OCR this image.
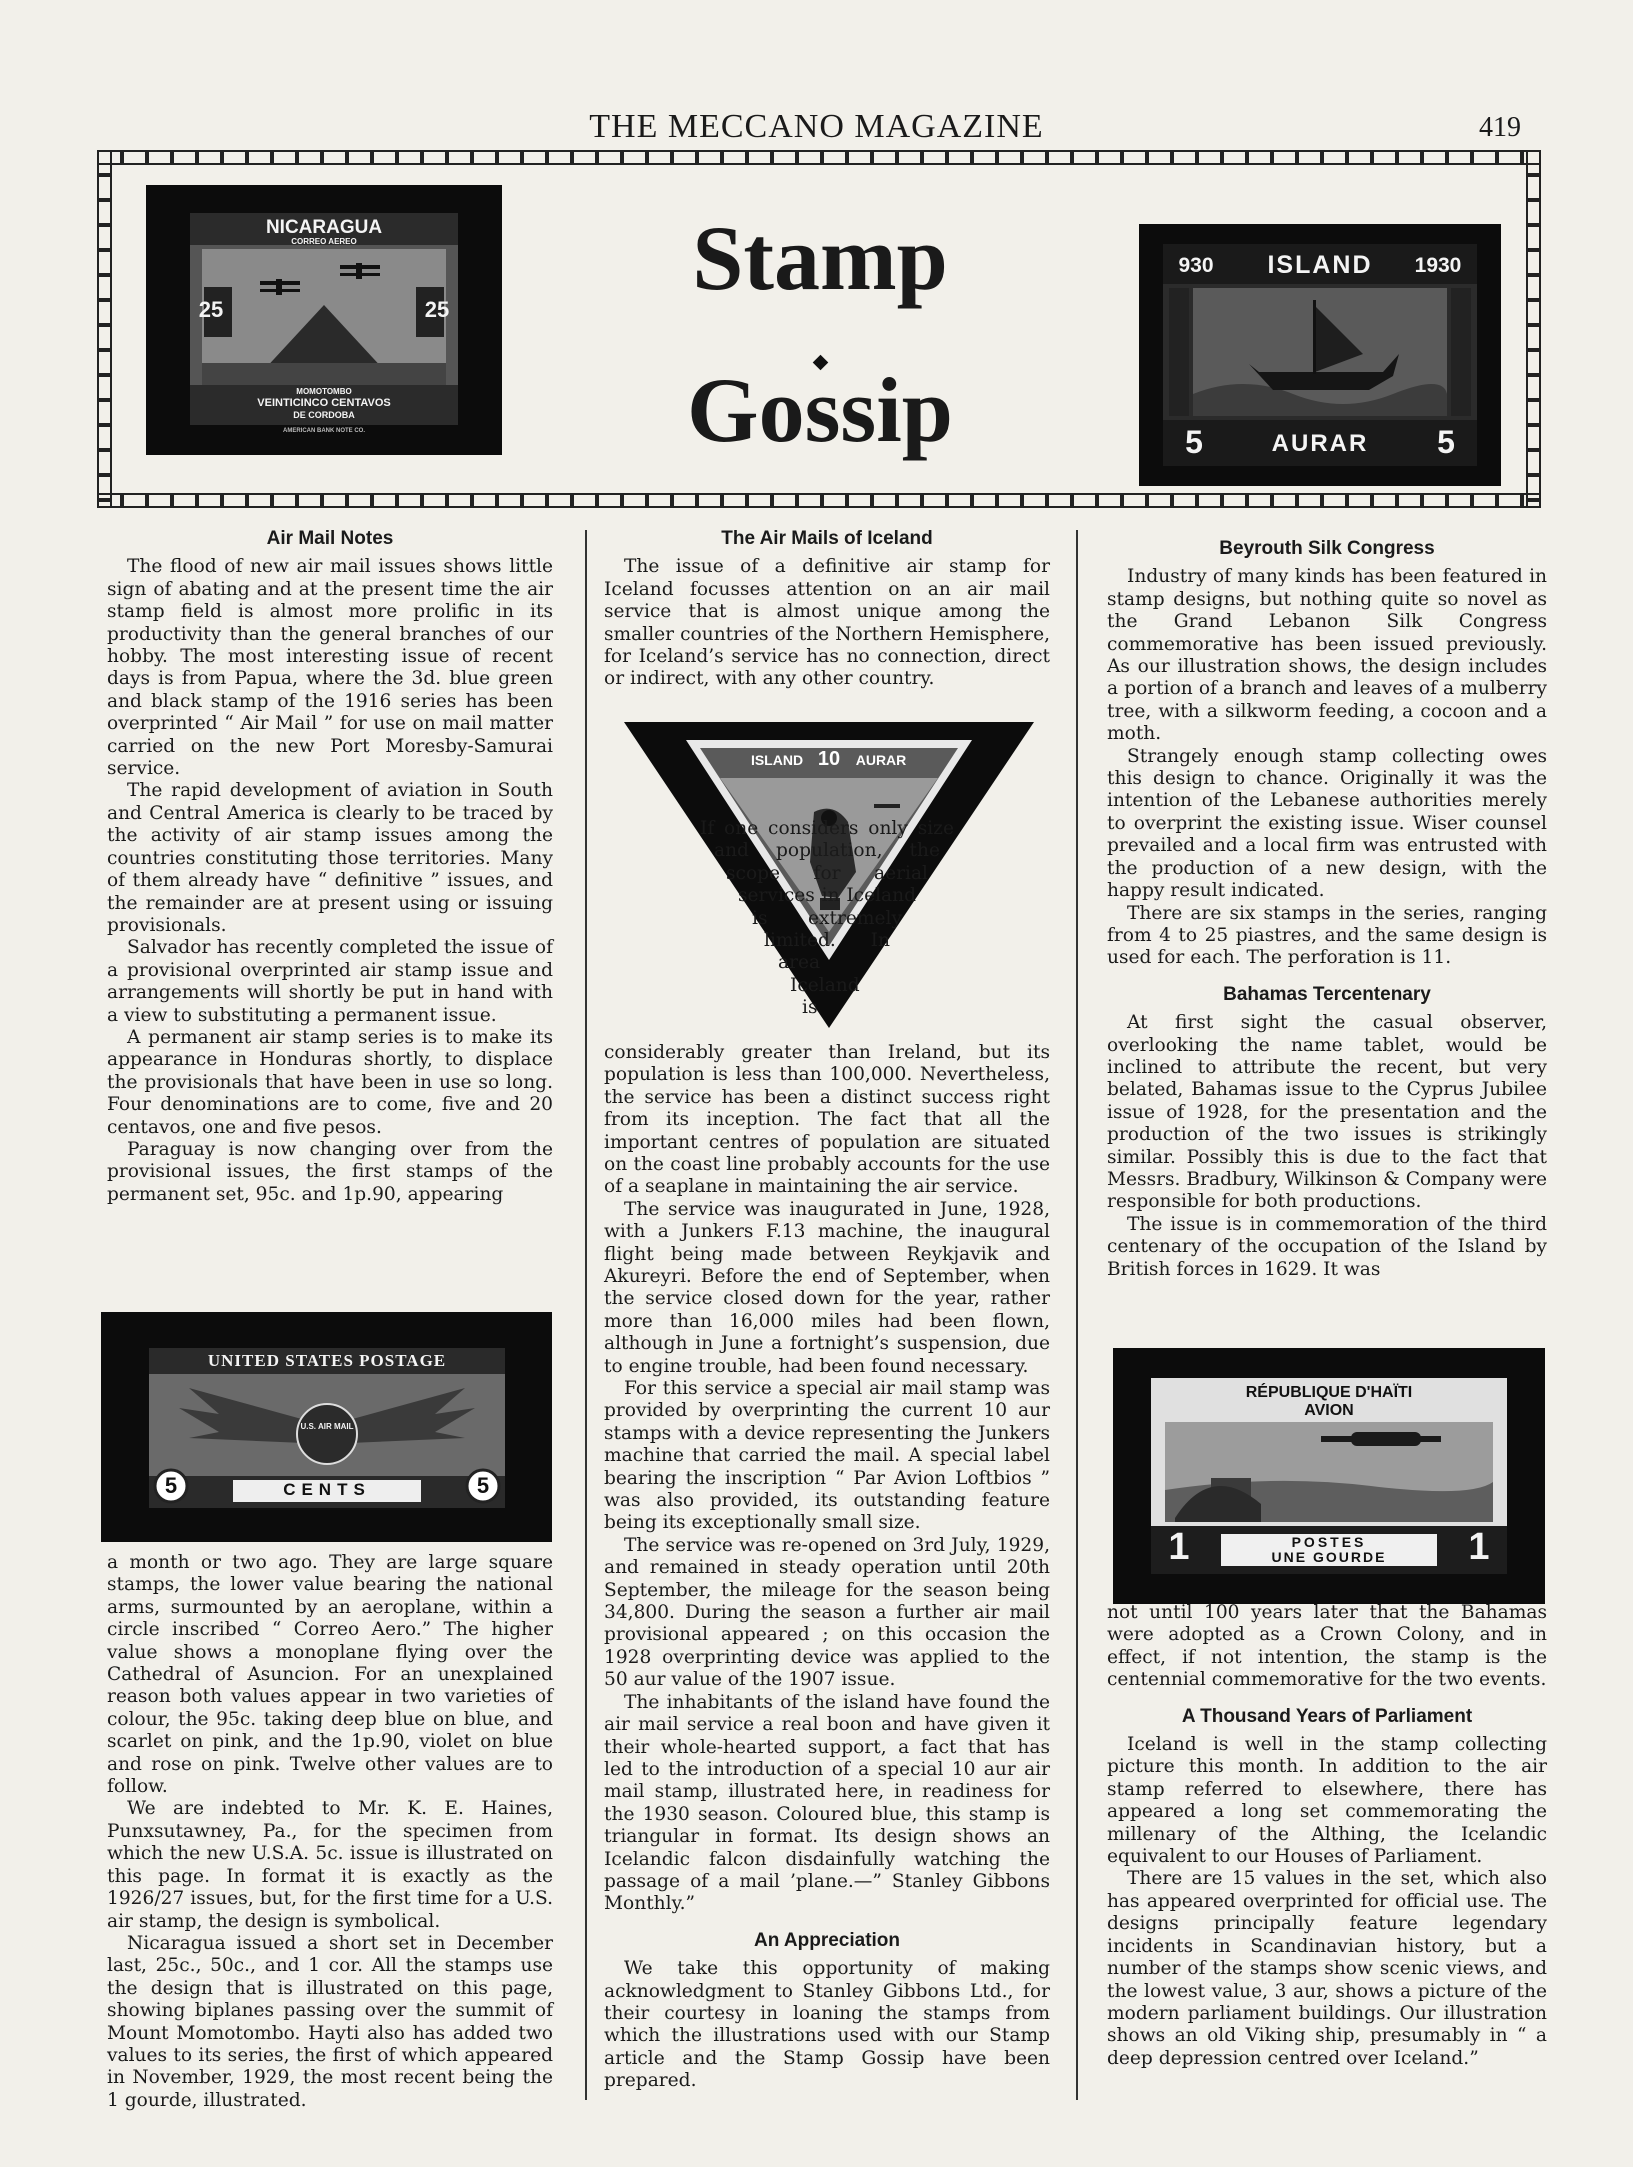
THE MECCANO MAGAZINE	419
Stamp
Gossip
NICARAGUA
CORREO AEREO
25	25
MOMOTOMBO
VEINTICINCO CENTAVOS
DE CORDOBA
AMERICAN BANK NOTE CO.
930	ISLAND	1930
5	AURAR	5
Air Mail Notes

The flood of new air mail issues shows little sign of abating and at the present time the air stamp field is almost more prolific in its productivity than the general branches of our hobby. The most interesting issue of recent days is from Papua, where the 3d. blue green and black stamp of the 1916 series has been overprinted “ Air Mail ” for use on mail matter carried on the new Port Moresby-Samurai service.

The rapid development of aviation in South and Central America is clearly to be traced by the activity of air stamp issues among the countries constituting those territories. Many of them already have “ definitive ” issues, and the remainder are at present using or issuing provisionals.

Salvador has recently completed the issue of a provisional overprinted air stamp issue and arrangements will shortly be put in hand with a view to substituting a permanent issue.

A permanent air stamp series is to make its appearance in Honduras shortly, to displace the provisionals that have been in use so long. Four denominations are to come, five and 20 centavos, one and five pesos.

Paraguay is now changing over from the provisional issues, the first stamps of the permanent set, 95c. and 1p.90, appearing

UNITED STATES POSTAGE
U.S. AIR MAIL
5	CENTS	5

a month or two ago. They are large square stamps, the lower value bearing the national arms, surmounted by an aeroplane, within a circle inscribed “ Correo Aero.” The higher value shows a monoplane flying over the Cathedral of Asuncion. For an unexplained reason both values appear in two varieties of colour, the 95c. taking deep blue on blue, and scarlet on pink, and the 1p.90, violet on blue and rose on pink. Twelve other values are to follow.

We are indebted to Mr. K. E. Haines, Punxsutawney, Pa., for the specimen from which the new U.S.A. 5c. issue is illustrated on this page. In format it is exactly as the 1926/27 issues, but, for the first time for a U.S. air stamp, the design is symbolical.

Nicaragua issued a short set in December last, 25c., 50c., and 1 cor. All the stamps use the design that is illustrated on this page, showing biplanes passing over the summit of Mount Momotombo. Hayti also has added two values to its series, the first of which appeared in November, 1929, the most recent being the 1 gourde, illustrated.

The Air Mails of Iceland

The issue of a definitive air stamp for Iceland focusses attention on an air mail service that is almost unique among the smaller countries of the Northern Hemisphere, for Iceland’s service has no connection, direct or indirect, with any other country.

ISLAND 10	AURAR

If one considers only size and population, the scope for aerial services in Iceland is extremely limited. In area Iceland is considerably greater than Ireland, but its population is less than 100,000. Nevertheless, the service has been a distinct success right from its inception. The fact that all the important centres of population are situated on the coast line probably accounts for the use of a seaplane in maintaining the air service.

The service was inaugurated in June, 1928, with a Junkers F.13 machine, the inaugural flight being made between Reykjavik and Akureyri. Before the end of September, when the service closed down for the year, rather more than 16,000 miles had been flown, although in June a fortnight’s suspension, due to engine trouble, had been found necessary.

For this service a special air mail stamp was provided by overprinting the current 10 aur stamps with a device representing the Junkers machine that carried the mail. A special label bearing the inscription “ Par Avion Loftbios ” was also provided, its outstanding feature being its exceptionally small size.

The service was re-opened on 3rd July, 1929, and remained in steady operation until 20th September, the mileage for the season being 34,800. During the season a further air mail provisional appeared ; on this occasion the 1928 overprinting device was applied to the 50 aur value of the 1907 issue.

The inhabitants of the island have found the air mail service a real boon and have given it their whole-hearted support, a fact that has led to the introduction of a special 10 aur air mail stamp, illustrated here, in readiness for the 1930 season. Coloured blue, this stamp is triangular in format. Its design shows an Icelandic falcon disdainfully watching the passage of a mail ’plane.—” Stanley Gibbons Monthly.”

An Appreciation

We take this opportunity of making acknowledgment to Stanley Gibbons Ltd., for their courtesy in loaning the stamps from which the illustrations used with our Stamp article and the Stamp Gossip have been prepared.

Beyrouth Silk Congress

Industry of many kinds has been featured in stamp designs, but nothing quite so novel as the Grand Lebanon Silk Congress commemorative has been issued previously. As our illustration shows, the design includes a portion of a branch and leaves of a mulberry tree, with a silkworm feeding, a cocoon and a moth.

Strangely enough stamp collecting owes this design to chance. Originally it was the intention of the Lebanese authorities merely to overprint the existing issue. Wiser counsel prevailed and a local firm was entrusted with the production of a new design, with the happy result indicated.

There are six stamps in the series, ranging from 4 to 25 piastres, and the same design is used for each. The perforation is 11.

Bahamas Tercentenary

At first sight the casual observer, overlooking the name tablet, would be inclined to attribute the recent, but very belated, Bahamas issue to the Cyprus Jubilee issue of 1928, for the presentation and the production of the two issues is strikingly similar. Possibly this is due to the fact that Messrs. Bradbury, Wilkinson & Company were responsible for both productions.

The issue is in commemoration of the third centenary of the occupation of the Island by British forces in 1629. It was

RÉPUBLIQUE D'HAÏTI
AVION
1	POSTES
UNE GOURDE	1

not until 100 years later that the Bahamas were adopted as a Crown Colony, and in effect, if not intention, the stamp is the centennial commemorative for the two events.

A Thousand Years of Parliament

Iceland is well in the stamp collecting picture this month. In addition to the air stamp referred to elsewhere, there has appeared a long set commemorating the millenary of the Althing, the Icelandic equivalent to our Houses of Parliament.

There are 15 values in the set, which also has appeared overprinted for official use. The designs principally feature legendary incidents in Scandinavian history, but a number of the stamps show scenic views, and the lowest value, 3 aur, shows a picture of the modern parliament buildings. Our illustration shows an old Viking ship, presumably in “ a deep depression centred over Iceland.”
